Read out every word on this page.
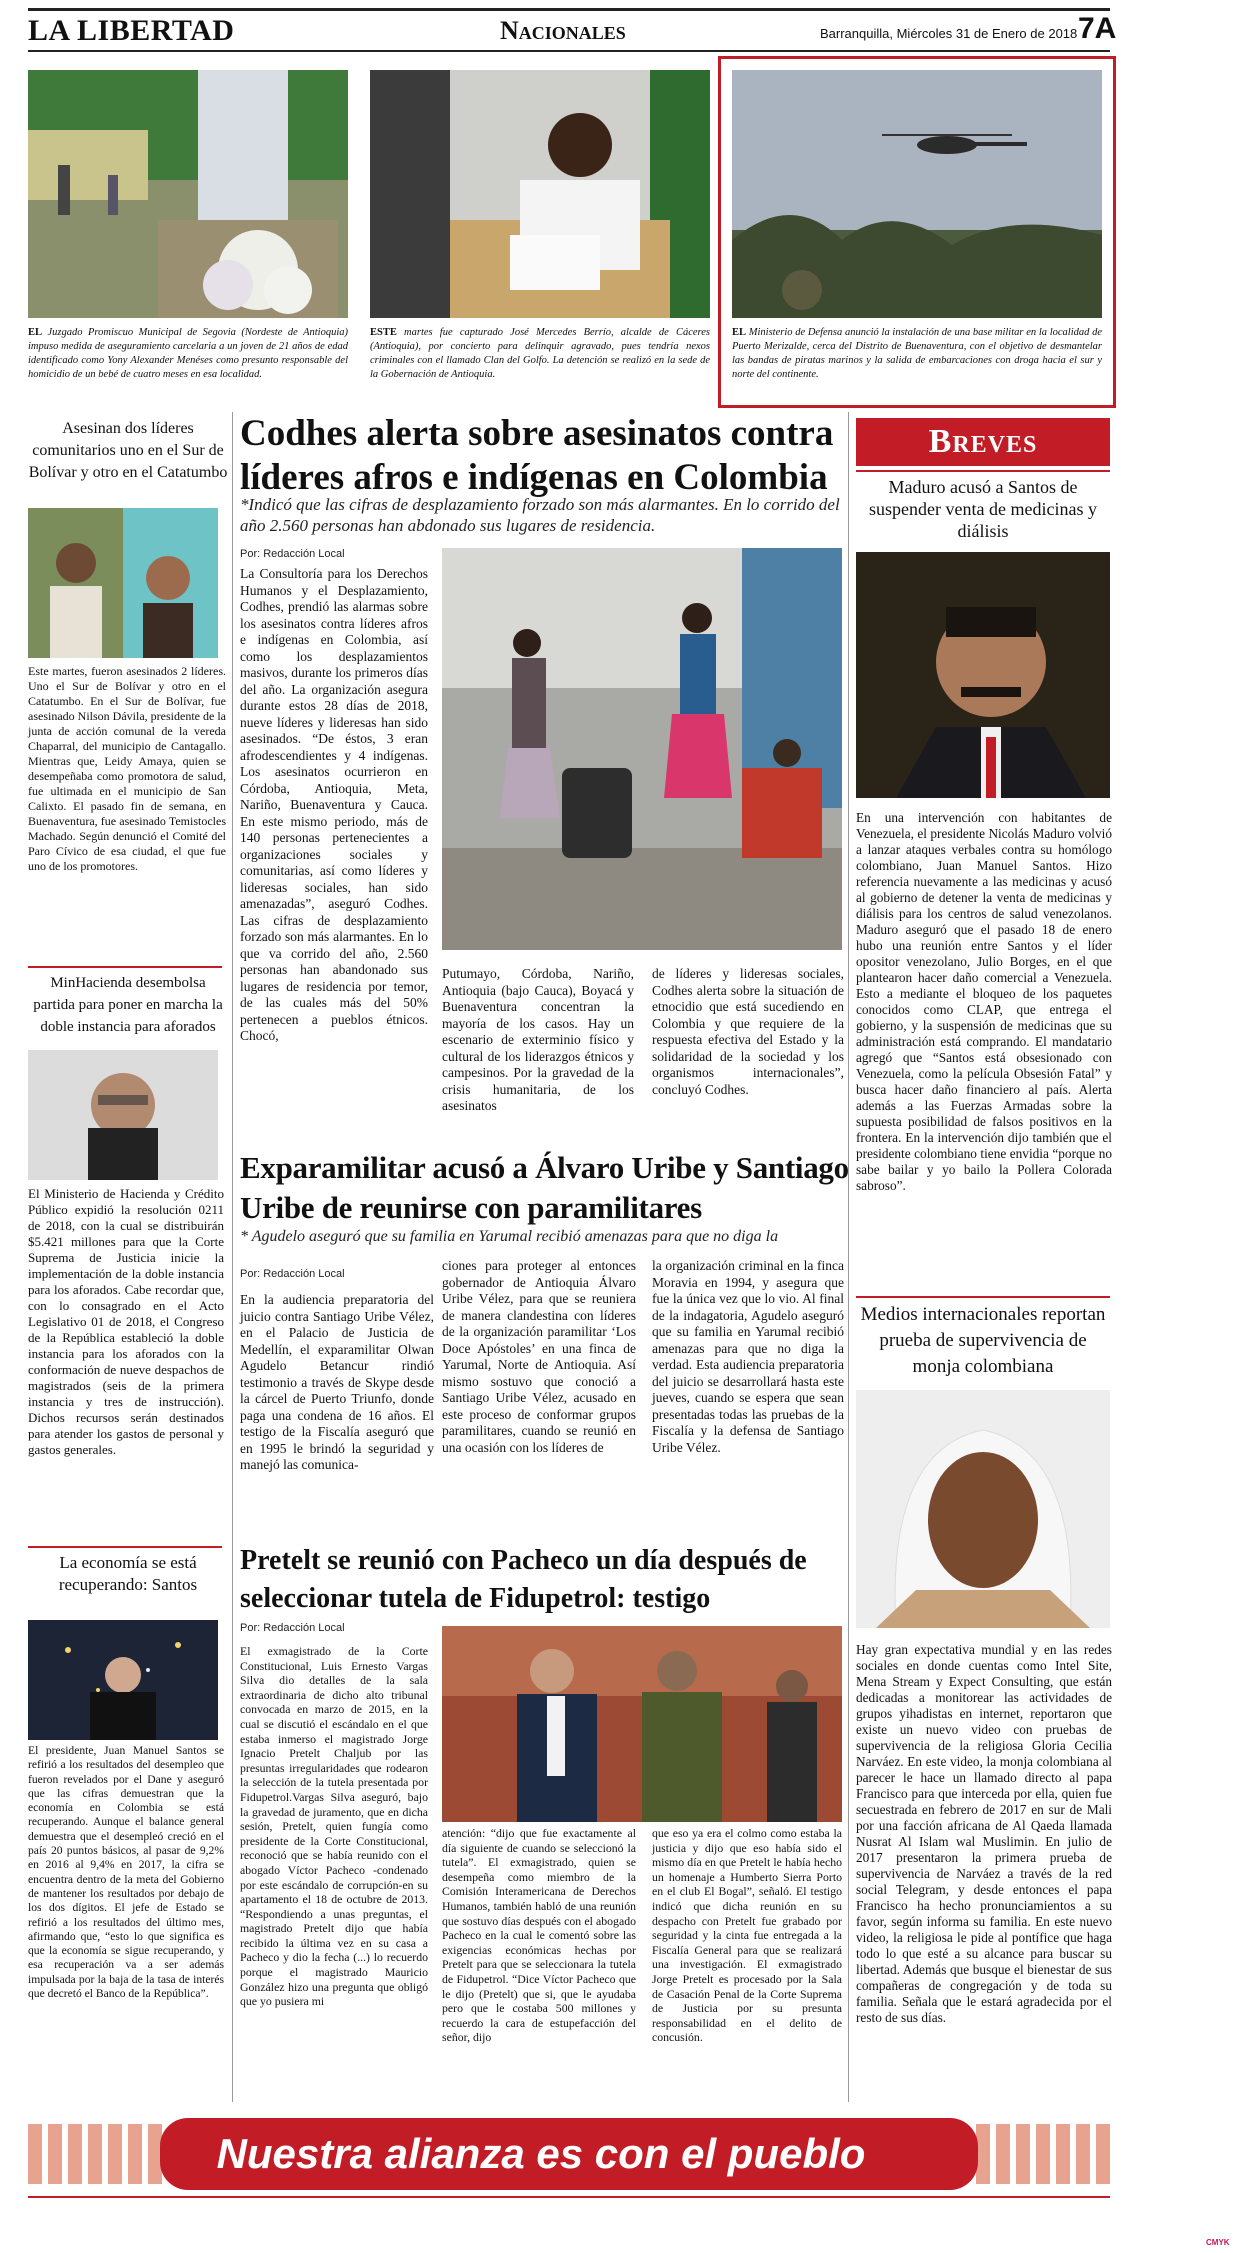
LA LIBERTAD	Nacionales	Barranquilla, Miércoles 31 de Enero de 2018 7A
EL Juzgado Promiscuo Municipal de Segovia (Nordeste de Antioquia) impuso medida de aseguramiento carcelaria a un joven de 21 años de edad identificado como Yony Alexander Menéses como presunto responsable del homicidio de un bebé de cuatro meses en esa localidad.
ESTE martes fue capturado José Mercedes Berrío, alcalde de Cáceres (Antioquia), por concierto para delinquir agravado, pues tendría nexos criminales con el llamado Clan del Golfo. La detención se realizó en la sede de la Gobernación de Antioquia.
EL Ministerio de Defensa anunció la instalación de una base militar en la localidad de Puerto Merizalde, cerca del Distrito de Buenaventura, con el objetivo de desmantelar las bandas de piratas marinos y la salida de embarcaciones con droga hacia el sur y norte del continente.
Asesinan dos líderes comunitarios uno en el Sur de Bolívar y otro en el Catatumbo
Este martes, fueron asesinados 2 líderes. Uno el Sur de Bolívar y otro en el Catatumbo. En el Sur de Bolívar, fue asesinado Nilson Dávila, presidente de la junta de acción comunal de la vereda Chaparral, del municipio de Cantagallo. Mientras que, Leidy Amaya, quien se desempeñaba como promotora de salud, fue ultimada en el municipio de San Calixto. El pasado fin de semana, en Buenaventura, fue asesinado Temistocles Machado. Según denunció el Comité del Paro Cívico de esa ciudad, el que fue uno de los promotores.
MinHacienda desembolsa partida para poner en marcha la doble instancia para aforados
El Ministerio de Hacienda y Crédito Público expidió la resolución 0211 de 2018, con la cual se distribuirán $5.421 millones para que la Corte Suprema de Justicia inicie la implementación de la doble instancia para los aforados. Cabe recordar que, con lo consagrado en el Acto Legislativo 01 de 2018, el Congreso de la República estableció la doble instancia para los aforados con la conformación de nueve despachos de magistrados (seis de la primera instancia y tres de instrucción). Dichos recursos serán destinados para atender los gastos de personal y gastos generales.
La economía se está recuperando: Santos
El presidente, Juan Manuel Santos se refirió a los resultados del desempleo que fueron revelados por el Dane y aseguró que las cifras demuestran que la economía en Colombia se está recuperando. Aunque el balance general demuestra que el desempleó creció en el país 20 puntos básicos, al pasar de 9,2% en 2016 al 9,4% en 2017, la cifra se encuentra dentro de la meta del Gobierno de mantener los resultados por debajo de los dos dígitos. El jefe de Estado se refirió a los resultados del último mes, afirmando que, “esto lo que significa es que la economía se sigue recuperando, y esa recuperación va a ser además impulsada por la baja de la tasa de interés que decretó el Banco de la República”.
Codhes alerta sobre asesinatos contra líderes afros e indígenas en Colombia
*Indicó que las cifras de desplazamiento forzado son más alarmantes. En lo corrido del año 2.560 personas han abdonado sus lugares de residencia.
Por: Redacción Local
La Consultoría para los Derechos Humanos y el Desplazamiento, Codhes, prendió las alarmas sobre los asesinatos contra líderes afros e indígenas en Colombia, así como los desplazamientos masivos, durante los primeros días del año. La organización asegura durante estos 28 días de 2018, nueve líderes y lideresas han sido asesinados. “De éstos, 3 eran afrodescendientes y 4 indígenas. Los asesinatos ocurrieron en Córdoba, Antioquia, Meta, Nariño, Buenaventura y Cauca. En este mismo periodo, más de 140 personas pertenecientes a organizaciones sociales y comunitarias, así como líderes y lideresas sociales, han sido amenazadas”, aseguró Codhes. Las cifras de desplazamiento forzado son más alarmantes. En lo que va corrido del año, 2.560 personas han abandonado sus lugares de residencia por temor, de las cuales más del 50% pertenecen a pueblos étnicos. Chocó,
Putumayo, Córdoba, Nariño, Antioquia (bajo Cauca), Boyacá y Buenaventura concentran la mayoría de los casos. Hay un escenario de exterminio físico y cultural de los liderazgos étnicos y campesinos. Por la gravedad de la crisis humanitaria, de los asesinatos
de líderes y lideresas sociales, Codhes alerta sobre la situación de etnocidio que está sucediendo en Colombia y que requiere de la respuesta efectiva del Estado y la solidaridad de la sociedad y los organismos internacionales”, concluyó Codhes.
Exparamilitar acusó a Álvaro Uribe y Santiago Uribe de reunirse con paramilitares
* Agudelo aseguró que su familia en Yarumal recibió amenazas para que no diga la
Por: Redacción Local
En la audiencia preparatoria del juicio contra Santiago Uribe Vélez, en el Palacio de Justicia de Medellín, el exparamilitar Olwan Agudelo Betancur rindió testimonio a través de Skype desde la cárcel de Puerto Triunfo, donde paga una condena de 16 años. El testigo de la Fiscalía aseguró que en 1995 le brindó la seguridad y manejó las comunica-
ciones para proteger al entonces gobernador de Antioquia Álvaro Uribe Vélez, para que se reuniera de manera clandestina con líderes de la organización paramilitar ‘Los Doce Apóstoles’ en una finca de Yarumal, Norte de Antioquia. Así mismo sostuvo que conoció a Santiago Uribe Vélez, acusado en este proceso de conformar grupos paramilitares, cuando se reunió en una ocasión con los líderes de
la organización criminal en la finca Moravia en 1994, y asegura que fue la única vez que lo vio. Al final de la indagatoria, Agudelo aseguró que su familia en Yarumal recibió amenazas para que no diga la verdad. Esta audiencia preparatoria del juicio se desarrollará hasta este jueves, cuando se espera que sean presentadas todas las pruebas de la Fiscalía y la defensa de Santiago Uribe Vélez.
Pretelt se reunió con Pacheco un día después de seleccionar tutela de Fidupetrol: testigo
Por: Redacción Local
El exmagistrado de la Corte Constitucional, Luis Ernesto Vargas Silva dio detalles de la sala extraordinaria de dicho alto tribunal convocada en marzo de 2015, en la cual se discutió el escándalo en el que estaba inmerso el magistrado Jorge Ignacio Pretelt Chaljub por las presuntas irregularidades que rodearon la selección de la tutela presentada por Fidupetrol.Vargas Silva aseguró, bajo la gravedad de juramento, que en dicha sesión, Pretelt, quien fungía como presidente de la Corte Constitucional, reconoció que se había reunido con el abogado Víctor Pacheco -condenado por este escándalo de corrupción-en su apartamento el 18 de octubre de 2013. “Respondiendo a unas preguntas, el magistrado Pretelt dijo que había recibido la última vez en su casa a Pacheco y dio la fecha (...) lo recuerdo porque el magistrado Mauricio González hizo una pregunta que obligó que yo pusiera mi
atención: “dijo que fue exactamente al día siguiente de cuando se seleccionó la tutela”. El exmagistrado, quien se desempeña como miembro de la Comisión Interamericana de Derechos Humanos, también habló de una reunión que sostuvo días después con el abogado Pacheco en la cual le comentó sobre las exigencias económicas hechas por Pretelt para que se seleccionara la tutela de Fidupetrol. “Dice Víctor Pacheco que le dijo (Pretelt) que si, que le ayudaba pero que le costaba 500 millones y recuerdo la cara de estupefacción del señor, dijo
que eso ya era el colmo como estaba la justicia y dijo que eso había sido el mismo día en que Pretelt le había hecho un homenaje a Humberto Sierra Porto en el club El Bogal”, señaló. El testigo indicó que dicha reunión en su despacho con Pretelt fue grabado por seguridad y la cinta fue entregada a la Fiscalía General para que se realizará una investigación. El exmagistrado Jorge Pretelt es procesado por la Sala de Casación Penal de la Corte Suprema de Justicia por su presunta responsabilidad en el delito de concusión.
Breves
Maduro acusó a Santos de suspender venta de medicinas y diálisis
En una intervención con habitantes de Venezuela, el presidente Nicolás Maduro volvió a lanzar ataques verbales contra su homólogo colombiano, Juan Manuel Santos. Hizo referencia nuevamente a las medicinas y acusó al gobierno de detener la venta de medicinas y diálisis para los centros de salud venezolanos. Maduro aseguró que el pasado 18 de enero hubo una reunión entre Santos y el líder opositor venezolano, Julio Borges, en el que plantearon hacer daño comercial a Venezuela. Esto a mediante el bloqueo de los paquetes conocidos como CLAP, que entrega el gobierno, y la suspensión de medicinas que su administración está comprando. El mandatario agregó que “Santos está obsesionado con Venezuela, como la película Obsesión Fatal” y busca hacer daño financiero al país. Alerta además a las Fuerzas Armadas sobre la supuesta posibilidad de falsos positivos en la frontera. En la intervención dijo también que el presidente colombiano tiene envidia “porque no sabe bailar y yo bailo la Pollera Colorada sabroso”.
Medios internacionales reportan prueba de supervivencia de monja colombiana
Hay gran expectativa mundial y en las redes sociales en donde cuentas como Intel Site, Mena Stream y Expect Consulting, que están dedicadas a monitorear las actividades de grupos yihadistas en internet, reportaron que existe un nuevo video con pruebas de supervivencia de la religiosa Gloria Cecilia Narváez. En este video, la monja colombiana al parecer le hace un llamado directo al papa Francisco para que interceda por ella, quien fue secuestrada en febrero de 2017 en sur de Mali por una facción africana de Al Qaeda llamada Nusrat Al Islam wal Muslimin. En julio de 2017 presentaron la primera prueba de supervivencia de Narváez a través de la red social Telegram, y desde entonces el papa Francisco ha hecho pronunciamientos a su favor, según informa su familia. En este nuevo video, la religiosa le pide al pontífice que haga todo lo que esté a su alcance para buscar su libertad. Además que busque el bienestar de sus compañeras de congregación y de toda su familia. Señala que le estará agradecida por el resto de sus días.
Nuestra alianza es con el pueblo
CMYK
